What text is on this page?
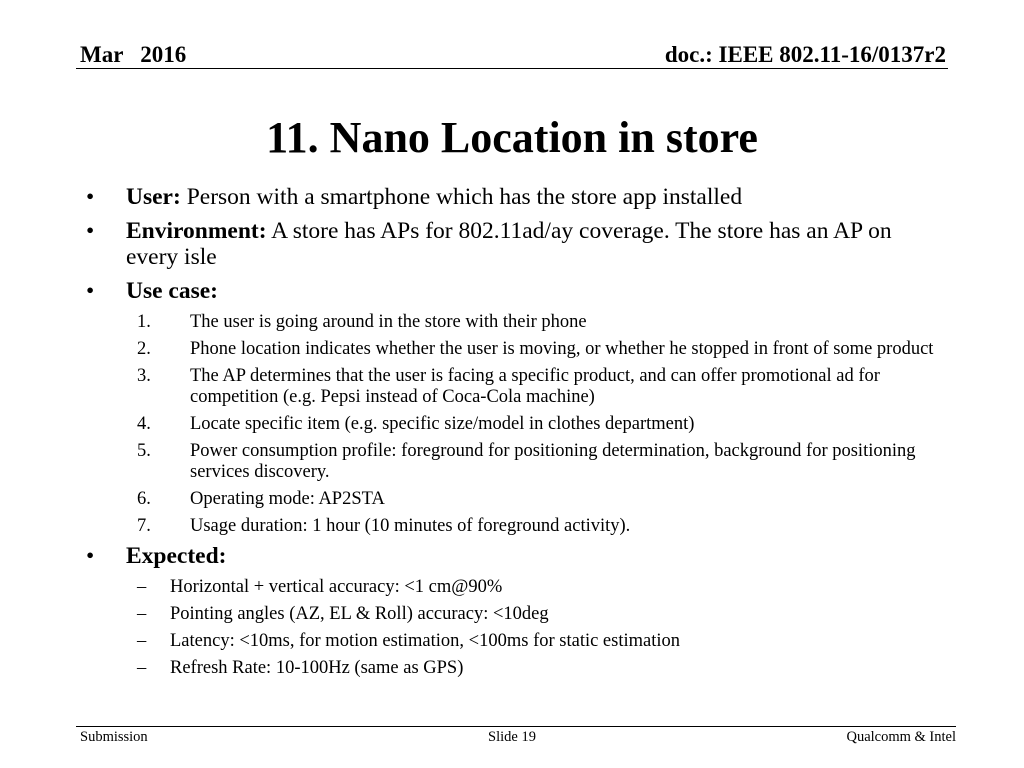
Mar   2016	doc.: IEEE 802.11-16/0137r2
11. Nano Location in store
• User: Person with a smartphone which has the store app installed
• Environment: A store has APs for 802.11ad/ay coverage. The store has an AP on every isle
• Use case:
1. The user is going around in the store with their phone
2. Phone location indicates whether the user is moving, or whether he stopped in front of some product
3. The AP determines that the user is facing a specific product, and can offer promotional ad for competition (e.g. Pepsi instead of Coca-Cola machine)
4. Locate specific item (e.g. specific size/model in clothes department)
5. Power consumption profile: foreground for positioning determination, background for positioning services discovery.
6. Operating mode: AP2STA
7. Usage duration: 1 hour (10 minutes of foreground activity).
• Expected:
– Horizontal + vertical accuracy: <1 cm@90%
– Pointing angles (AZ, EL & Roll) accuracy: <10deg
– Latency: <10ms, for motion estimation, <100ms for static estimation
– Refresh Rate: 10-100Hz (same as GPS)
Submission	Slide 19	Qualcomm & Intel
